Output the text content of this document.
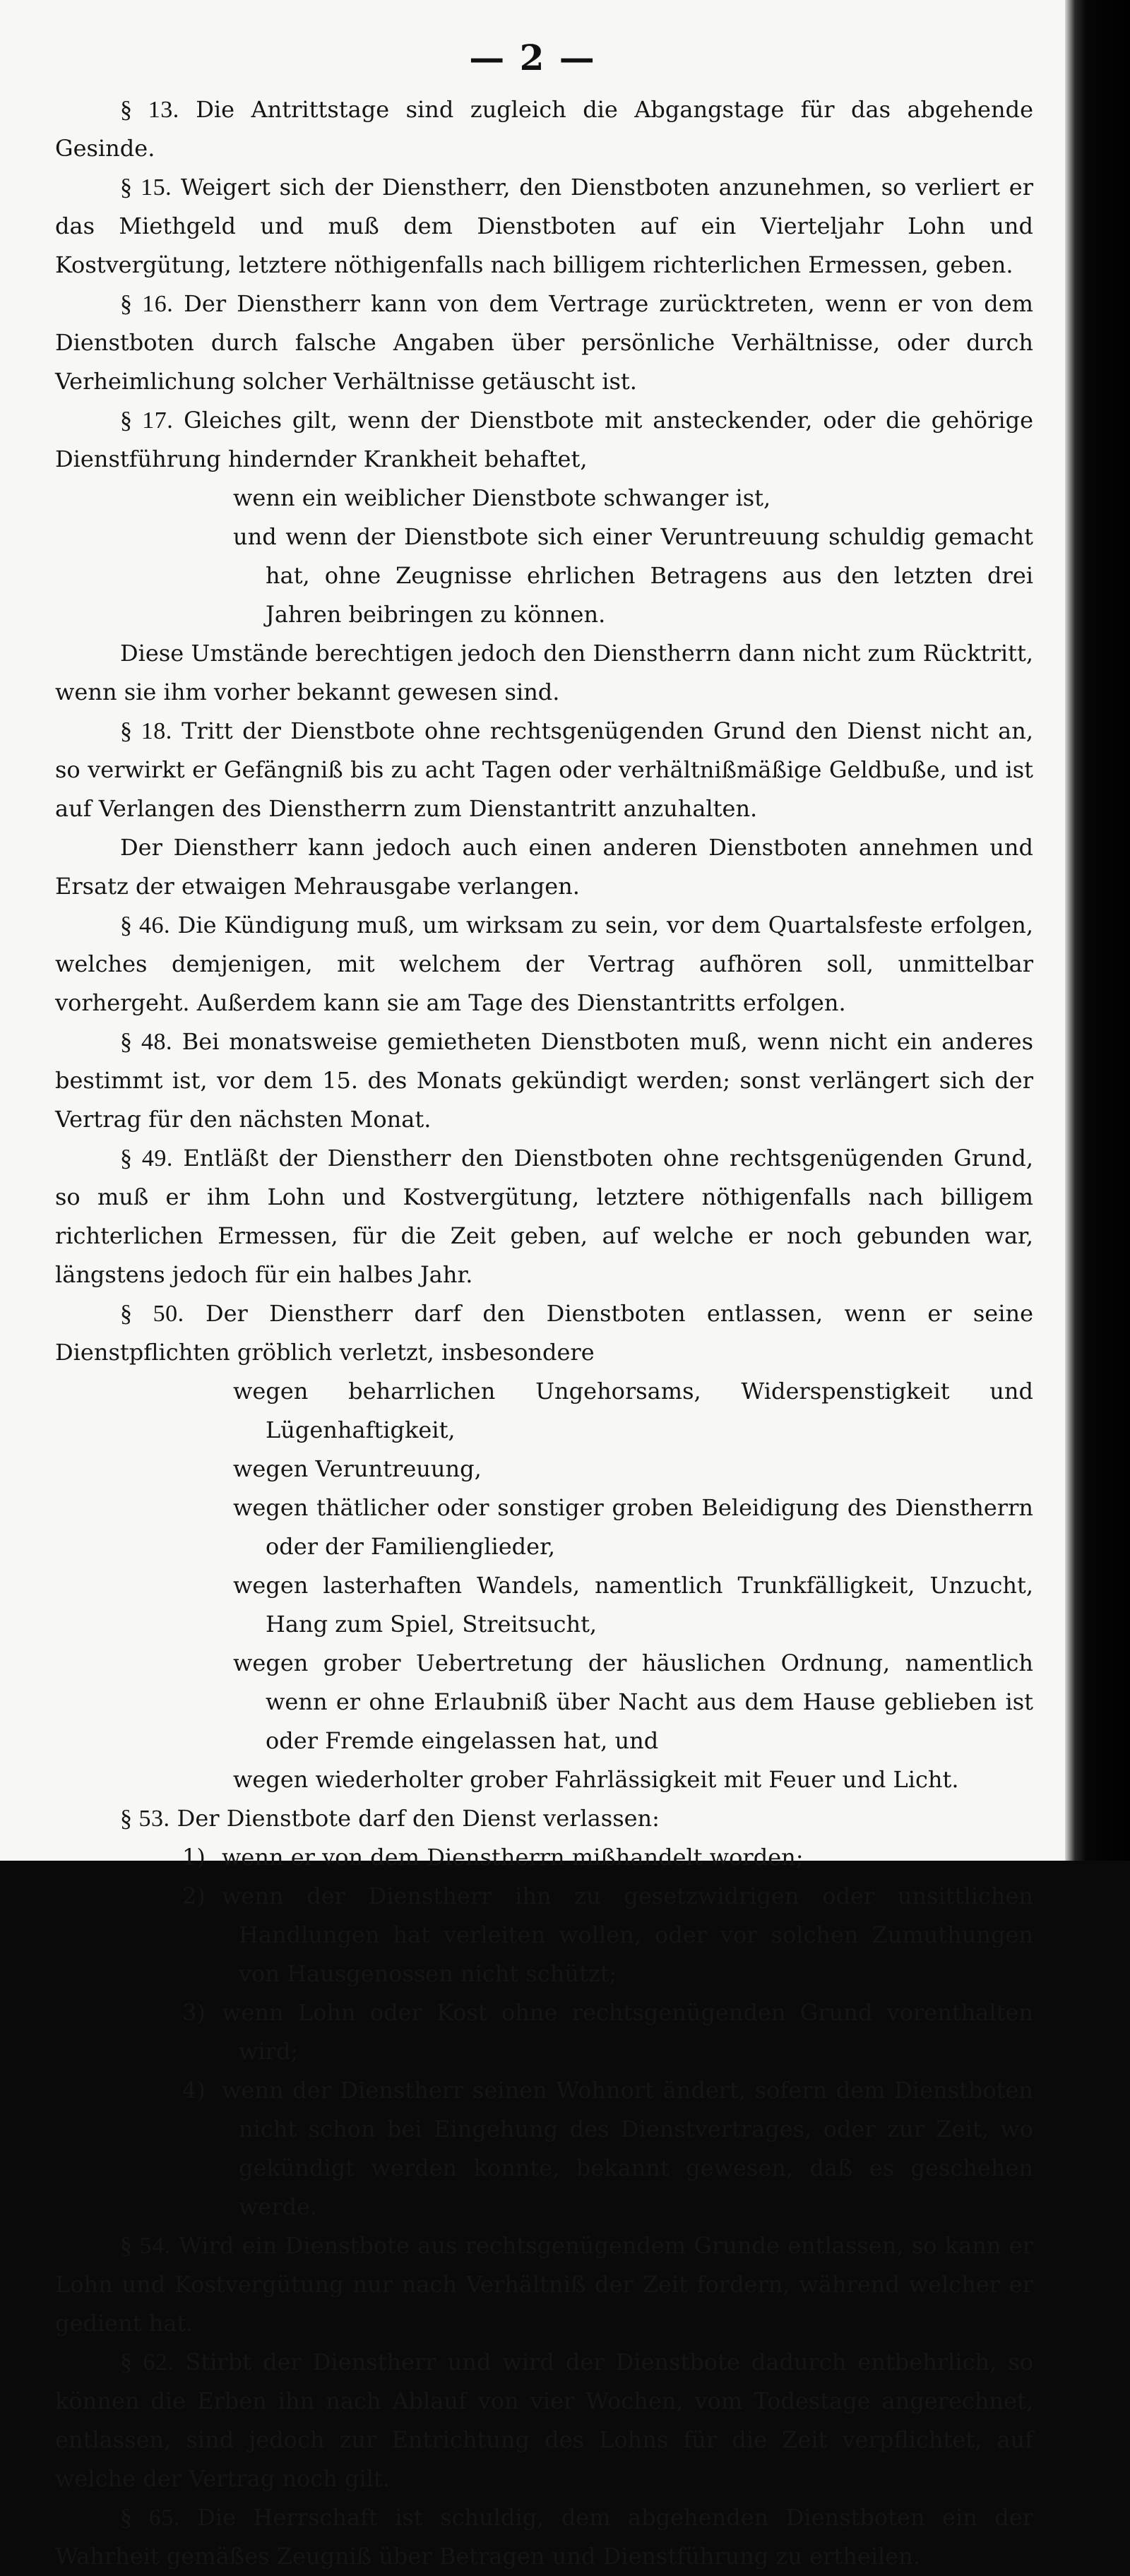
— 2 —

§ 13. Die Antrittstage sind zugleich die Abgangstage für das abgehende Gesinde.

§ 15. Weigert sich der Dienstherr, den Dienstboten anzunehmen, so verliert er das Miethgeld und muß dem Dienstboten auf ein Vierteljahr Lohn und Kostvergütung, letztere nöthigenfalls nach billigem richterlichen Ermessen, geben.

§ 16. Der Dienstherr kann von dem Vertrage zurücktreten, wenn er von dem Dienstboten durch falsche Angaben über persönliche Verhältnisse, oder durch Verheimlichung solcher Verhältnisse getäuscht ist.

§ 17. Gleiches gilt, wenn der Dienstbote mit ansteckender, oder die gehörige Dienstführung hindernder Krankheit behaftet,

wenn ein weiblicher Dienstbote schwanger ist,
und wenn der Dienstbote sich einer Veruntreuung schuldig gemacht hat, ohne Zeugnisse ehrlichen Betragens aus den letzten drei Jahren beibringen zu können.

Diese Umstände berechtigen jedoch den Dienstherrn dann nicht zum Rücktritt, wenn sie ihm vorher bekannt gewesen sind.

§ 18. Tritt der Dienstbote ohne rechtsgenügenden Grund den Dienst nicht an, so verwirkt er Gefängniß bis zu acht Tagen oder verhältnißmäßige Geldbuße, und ist auf Verlangen des Dienstherrn zum Dienstantritt anzuhalten.

Der Dienstherr kann jedoch auch einen anderen Dienstboten annehmen und Ersatz der etwaigen Mehrausgabe verlangen.

§ 46. Die Kündigung muß, um wirksam zu sein, vor dem Quartalsfeste erfolgen, welches demjenigen, mit welchem der Vertrag aufhören soll, unmittelbar vorhergeht. Außerdem kann sie am Tage des Dienstantritts erfolgen.

§ 48. Bei monatsweise gemietheten Dienstboten muß, wenn nicht ein anderes bestimmt ist, vor dem 15. des Monats gekündigt werden; sonst verlängert sich der Vertrag für den nächsten Monat.

§ 49. Entläßt der Dienstherr den Dienstboten ohne rechtsgenügenden Grund, so muß er ihm Lohn und Kostvergütung, letztere nöthigenfalls nach billigem richterlichen Ermessen, für die Zeit geben, auf welche er noch gebunden war, längstens jedoch für ein halbes Jahr.

§ 50. Der Dienstherr darf den Dienstboten entlassen, wenn er seine Dienstpflichten gröblich verletzt, insbesondere

wegen beharrlichen Ungehorsams, Widerspenstigkeit und Lügenhaftigkeit,
wegen Veruntreuung,
wegen thätlicher oder sonstiger groben Beleidigung des Dienstherrn oder der Familienglieder,
wegen lasterhaften Wandels, namentlich Trunkfälligkeit, Unzucht, Hang zum Spiel, Streitsucht,
wegen grober Uebertretung der häuslichen Ordnung, namentlich wenn er ohne Erlaubniß über Nacht aus dem Hause geblieben ist oder Fremde eingelassen hat, und
wegen wiederholter grober Fahrlässigkeit mit Feuer und Licht.

§ 53. Der Dienstbote darf den Dienst verlassen:

1) wenn er von dem Dienstherrn mißhandelt worden;
2) wenn der Dienstherr ihn zu gesetzwidrigen oder unsittlichen Handlungen hat verleiten wollen, oder vor solchen Zumuthungen von Hausgenossen nicht schützt;
3) wenn Lohn oder Kost ohne rechtsgenügenden Grund vorenthalten wird;
4) wenn der Dienstherr seinen Wohnort ändert, sofern dem Dienstboten nicht schon bei Eingehung des Dienstvertrages, oder zur Zeit, wo gekündigt werden konnte, bekannt gewesen, daß es geschehen werde.

§ 54. Wird ein Dienstbote aus rechtsgenügendem Grunde entlassen, so kann er Lohn und Kostvergütung nur nach Verhältniß der Zeit fordern, während welcher er gedient hat.

§ 62. Stirbt der Dienstherr und wird der Dienstbote dadurch entbehrlich, so können die Erben ihn nach Ablauf von vier Wochen, vom Todestage angerechnet, entlassen, sind jedoch zur Entrichtung des Lohns für die Zeit verpflichtet, auf welche der Vertrag noch gilt.

§ 65. Die Herrschaft ist schuldig, dem abgehenden Dienstboten ein der Wahrheit gemäßes Zeugniß über Betragen und Dienstführung zu ertheilen.
